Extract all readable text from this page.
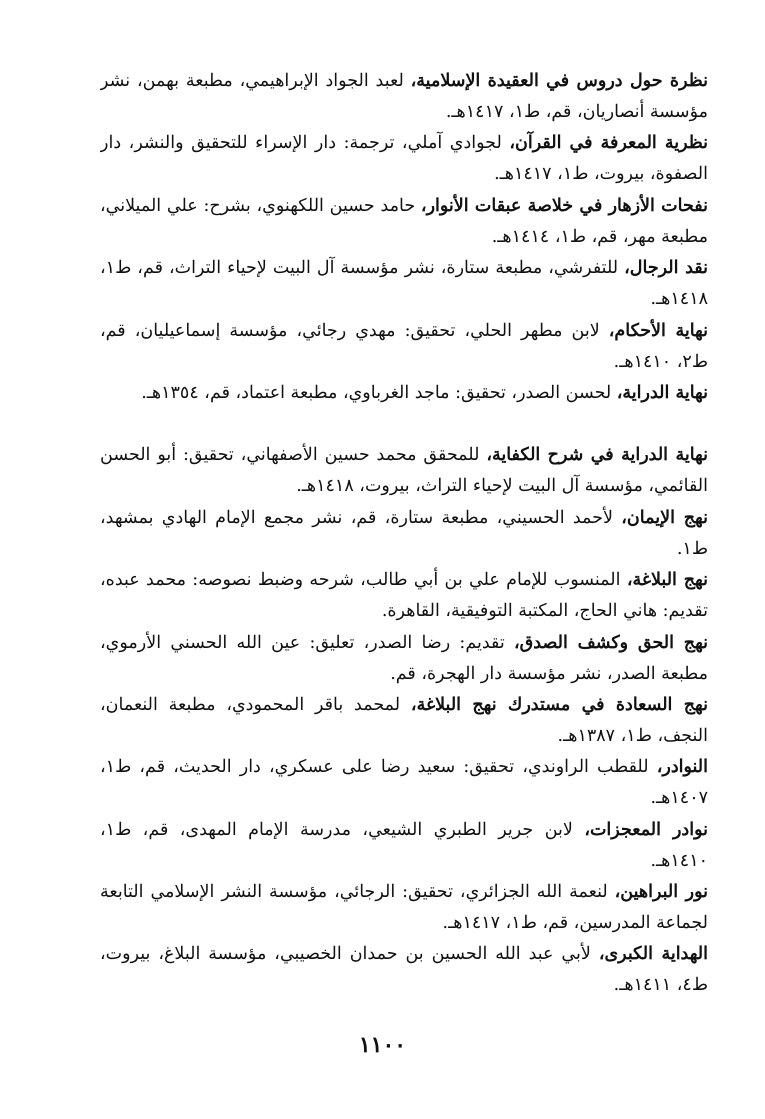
نظرة حول دروس في العقيدة الإسلامية، لعبد الجواد الإبراهيمي، مطبعة بهمن، نشر مؤسسة أنصاريان، قم، ط١، ١٤١٧هـ.
نظرية المعرفة في القرآن، لجوادي آملي، ترجمة: دار الإسراء للتحقيق والنشر، دار الصفوة، بيروت، ط١، ١٤١٧هـ.
نفحات الأزهار في خلاصة عبقات الأنوار، حامد حسين اللكهنوي، بشرح: علي الميلاني، مطبعة مهر، قم، ط١، ١٤١٤هـ.
نقد الرجال، للتفرشي، مطبعة ستارة، نشر مؤسسة آل البيت لإحياء التراث، قم، ط١، ١٤١٨هـ.
نهاية الأحكام، لابن مطهر الحلي، تحقيق: مهدي رجائي، مؤسسة إسماعيليان، قم، ط٢، ١٤١٠هـ.
نهاية الدراية، لحسن الصدر، تحقيق: ماجد الغرباوي، مطبعة اعتماد، قم، ١٣٥٤هـ.
نهاية الدراية في شرح الكفاية، للمحقق محمد حسين الأصفهاني، تحقيق: أبو الحسن القائمي، مؤسسة آل البيت لإحياء التراث، بيروت، ١٤١٨هـ.
نهج الإيمان، لأحمد الحسيني، مطبعة ستارة، قم، نشر مجمع الإمام الهادي بمشهد، ط١.
نهج البلاغة، المنسوب للإمام علي بن أبي طالب، شرحه وضبط نصوصه: محمد عبده، تقديم: هاني الحاج، المكتبة التوفيقية، القاهرة.
نهج الحق وكشف الصدق، تقديم: رضا الصدر، تعليق: عين الله الحسني الأرموي، مطبعة الصدر، نشر مؤسسة دار الهجرة، قم.
نهج السعادة في مستدرك نهج البلاغة، لمحمد باقر المحمودي، مطبعة النعمان، النجف، ط١، ١٣٨٧هـ.
النوادر، للقطب الراوندي، تحقيق: سعيد رضا على عسكري، دار الحديث، قم، ط١، ١٤٠٧هـ.
نوادر المعجزات، لابن جرير الطبري الشيعي، مدرسة الإمام المهدى، قم، ط١، ١٤١٠هـ.
نور البراهين، لنعمة الله الجزائري، تحقيق: الرجائي، مؤسسة النشر الإسلامي التابعة لجماعة المدرسين، قم، ط١، ١٤١٧هـ.
الهداية الكبرى، لأبي عبد الله الحسين بن حمدان الخصيبي، مؤسسة البلاغ، بيروت، ط٤، ١٤١١هـ.
١١٠٠
